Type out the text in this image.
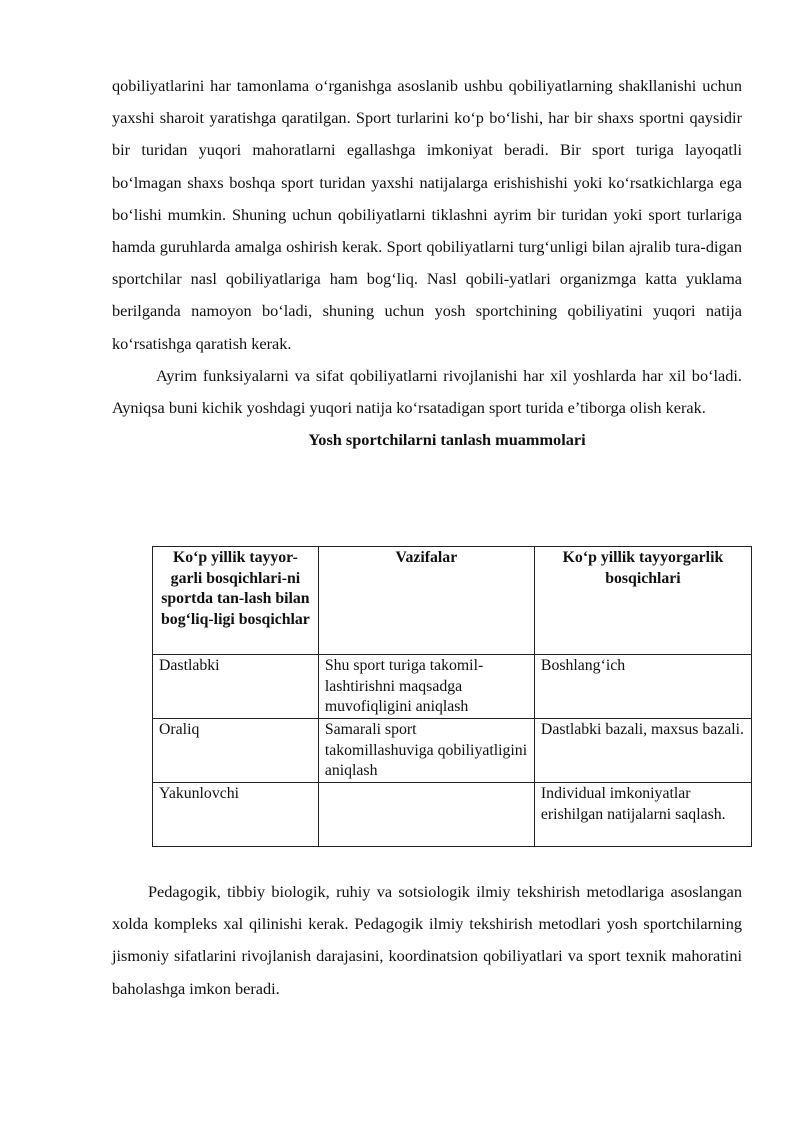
qobiliyatlarini har tamonlama o‘rganishga asoslanib ushbu qobiliyatlarning shakllanishi uchun yaxshi sharoit yaratishga qaratilgan. Sport turlarini ko‘p bo‘lishi, har bir shaxs sportni qaysidir bir turidan yuqori mahoratlarni egallashga imkoniyat beradi. Bir sport turiga layoqatli bo‘lmagan shaxs boshqa sport turidan yaxshi natijalarga erishishishi yoki ko‘rsatkichlarga ega bo‘lishi mumkin. Shuning uchun qobiliyatlarni tiklashni ayrim bir turidan yoki sport turlariga hamda guruhlarda amalga oshirish kerak. Sport qobiliyatlarni turg‘unligi bilan ajralib tura-digan sportchilar nasl qobiliyatlariga ham bog‘liq. Nasl qobili-yatlari organizmga katta yuklama berilganda namoyon bo‘ladi, shuning uchun yosh sportchining qobiliyatini yuqori natija ko‘rsatishga qaratish kerak.

Ayrim funksiyalarni va sifat qobiliyatlarni rivojlanishi har xil yoshlarda har xil bo‘ladi. Ayniqsa buni kichik yoshdagi yuqori natija ko‘rsatadigan sport turida e’tiborga olish kerak.

Yosh sportchilarni tanlash muammolari

Ko‘p yillik tayyor-garli bosqichlari-ni sportda tan-lash bilan bog‘liq-ligi bosqichlar	Vazifalar	Ko‘p yillik tayyorgarlik bosqichlari
Dastlabki	Shu sport turiga takomil-lashtirishni maqsadga muvofiqligini aniqlash	Boshlang‘ich
Oraliq	Samarali sport takomillashuviga qobiliyatligini aniqlash	Dastlabki bazali, maxsus bazali.
Yakunlovchi		Individual imkoniyatlar erishilgan natijalarni saqlash.

Pedagogik, tibbiy biologik, ruhiy va sotsiologik ilmiy tekshirish metodlariga asoslangan xolda kompleks xal qilinishi kerak. Pedagogik ilmiy tekshirish metodlari yosh sportchilarning jismoniy sifatlarini rivojlanish darajasini, koordinatsion qobiliyatlari va sport texnik mahoratini baholashga imkon beradi.
